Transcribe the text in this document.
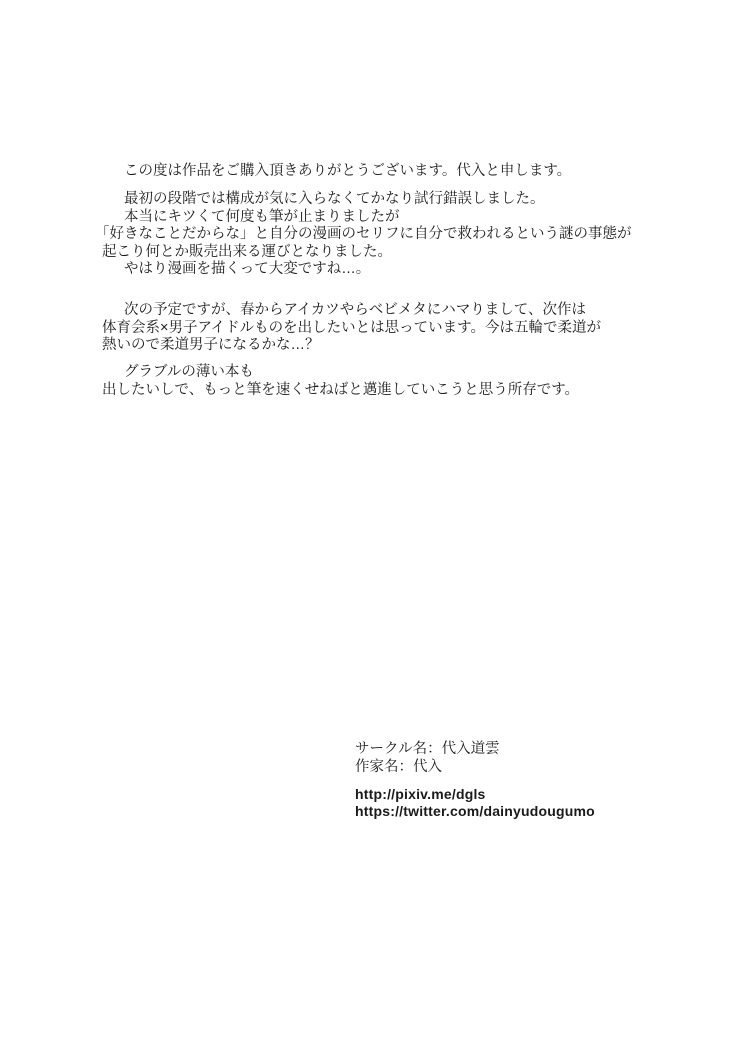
この度は作品をご購入頂きありがとうございます。代入と申します。
最初の段階では構成が気に入らなくてかなり試行錯誤しました。
本当にキツくて何度も筆が止まりましたが
「好きなことだからな」と自分の漫画のセリフに自分で救われるという謎の事態が
起こり何とか販売出来る運びとなりました。
やはり漫画を描くって大変ですね…。
次の予定ですが、春からアイカツやらベビメタにハマりまして、次作は
体育会系×男子アイドルものを出したいとは思っています。今は五輪で柔道が
熱いので柔道男子になるかな…？
グラブルの薄い本も
出したいしで、もっと筆を速くせねばと邁進していこうと思う所存です。
サークル名：代入道雲
作家名：代入
http://pixiv.me/dgls
https://twitter.com/dainyudougumo
